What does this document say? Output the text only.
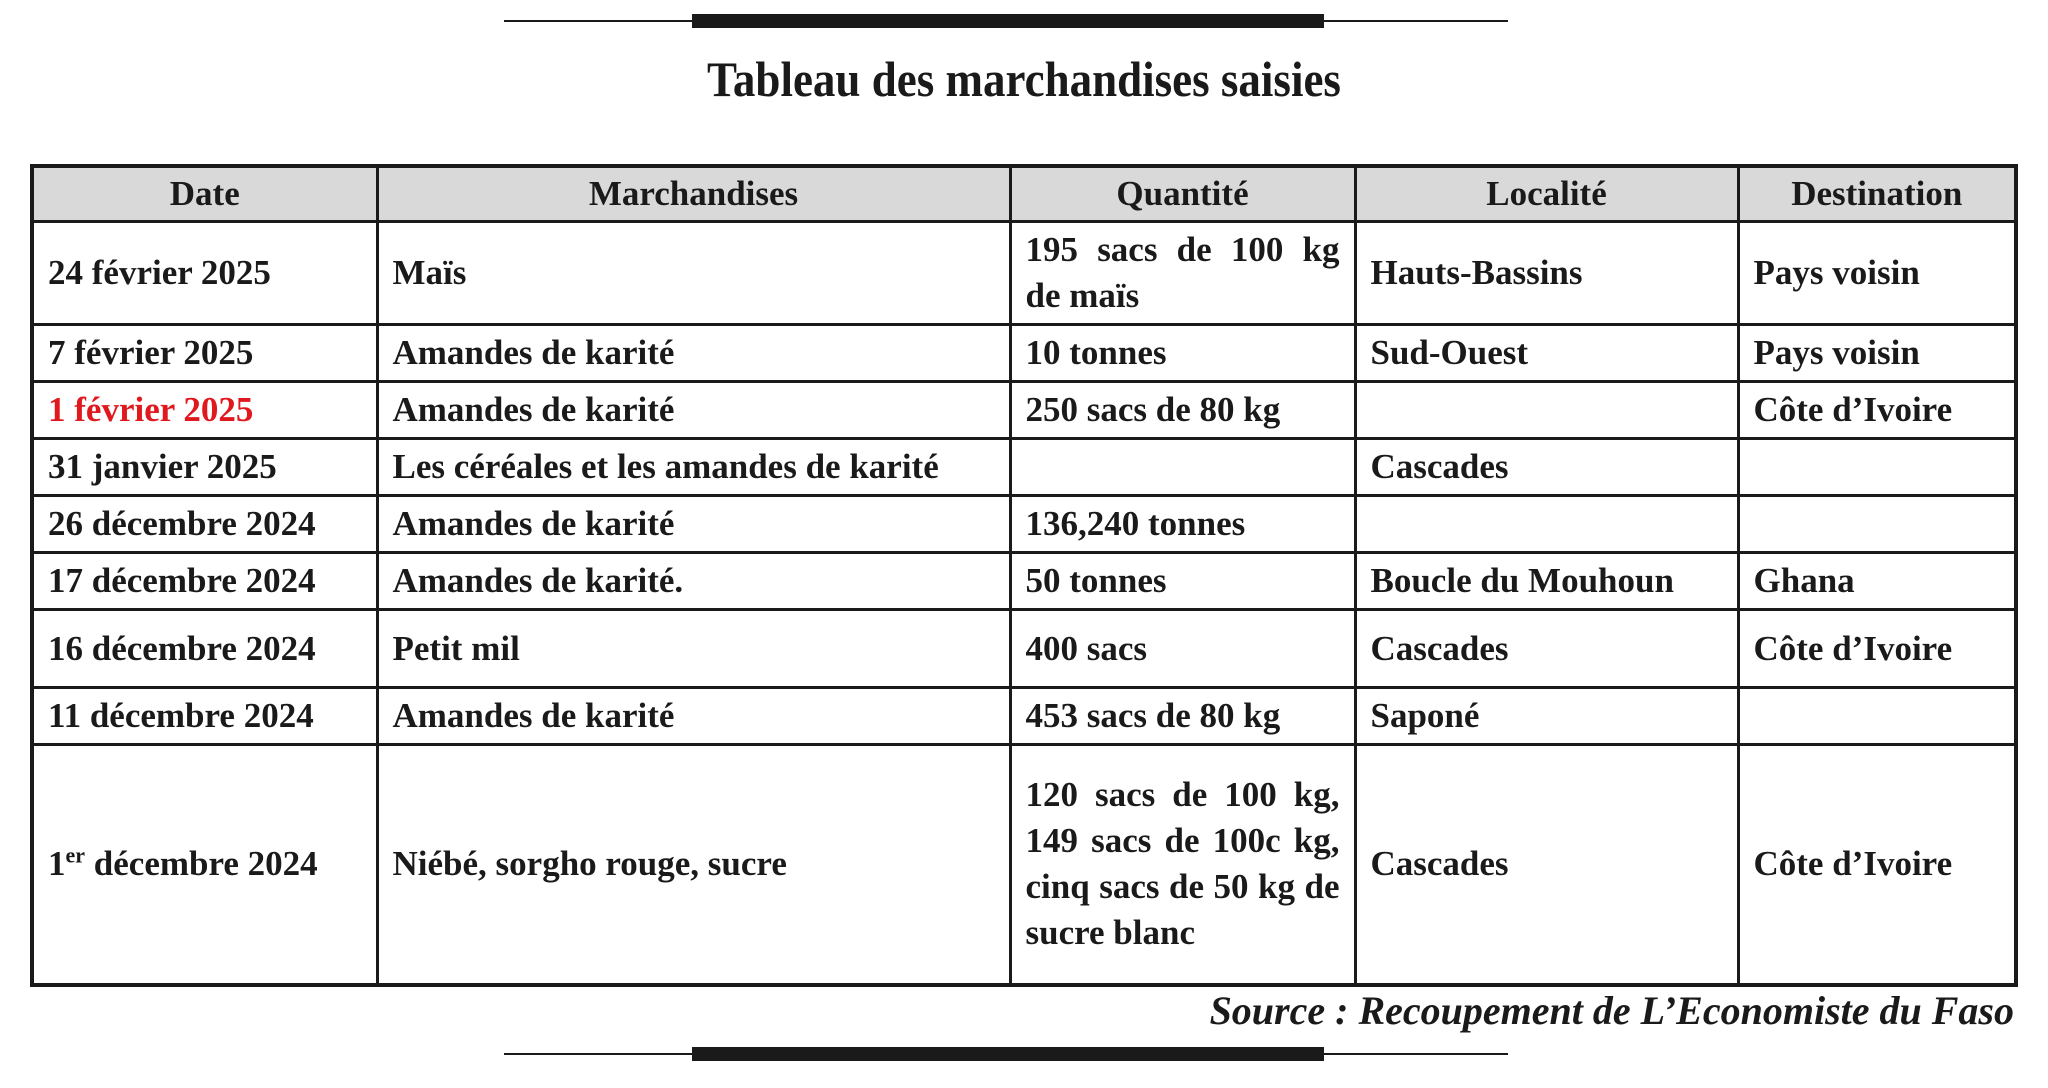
Tableau des marchandises saisies
Date	Marchandises	Quantité	Localité	Destination
24 février 2025	Maïs	195 sacs de 100 kg de maïs	Hauts-Bassins	Pays voisin
7 février 2025	Amandes de karité	10 tonnes	Sud-Ouest	Pays voisin
1 février 2025	Amandes de karité	250 sacs de 80 kg		Côte d’Ivoire
31 janvier 2025	Les céréales et les amandes de karité		Cascades	
26 décembre 2024	Amandes de karité	136,240 tonnes		
17 décembre 2024	Amandes de karité.	50 tonnes	Boucle du Mouhoun	Ghana
16 décembre 2024	Petit mil	400 sacs	Cascades	Côte d’Ivoire
11 décembre 2024	Amandes de karité	453 sacs de 80 kg	Saponé	
1er décembre 2024	Niébé, sorgho rouge, sucre	120 sacs de 100 kg, 149 sacs de 100c kg, cinq sacs de 50 kg de sucre blanc	Cascades	Côte d’Ivoire
Source : Recoupement de L’Economiste du Faso
